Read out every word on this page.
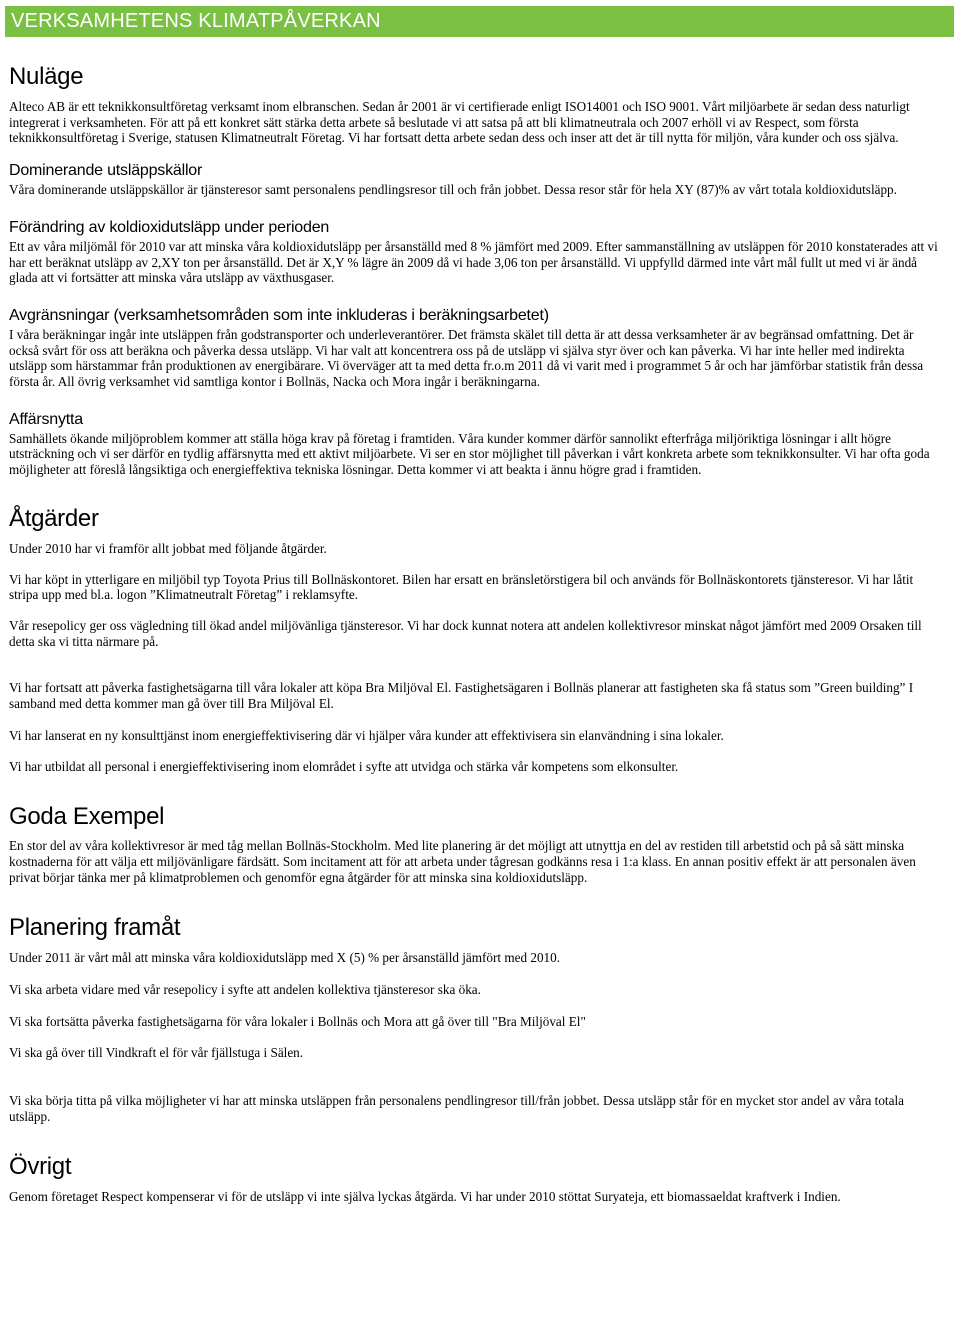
VERKSAMHETENS KLIMATPÅVERKAN
Nuläge

Alteco AB är ett teknikkonsultföretag verksamt inom elbranschen. Sedan år 2001 är vi certifierade enligt ISO14001 och ISO 9001. Vårt miljöarbete är sedan dess naturligt integrerat i verksamheten. För att på ett konkret sätt stärka detta arbete så beslutade vi att satsa på att bli klimatneutrala och 2007 erhöll vi av Respect, som första teknikkonsultföretag i Sverige, statusen Klimatneutralt Företag. Vi har fortsatt detta arbete sedan dess och inser att det är till nytta för miljön, våra kunder och oss själva.

Dominerande utsläppskällor

Våra dominerande utsläppskällor är tjänsteresor samt personalens pendlingsresor till och från jobbet. Dessa resor står för hela XY (87)% av vårt totala koldioxidutsläpp.

Förändring av koldioxidutsläpp under perioden

Ett av våra miljömål för 2010 var att minska våra koldioxidutsläpp per årsanställd med 8 % jämfört med 2009. Efter sammanställning av utsläppen för 2010 konstaterades att vi har ett beräknat utsläpp av 2,XY ton per årsanställd. Det är X,Y % lägre än 2009 då vi hade 3,06 ton per årsanställd. Vi uppfylld därmed inte vårt mål fullt ut med vi är ändå glada att vi fortsätter att minska våra utsläpp av växthusgaser.

Avgränsningar (verksamhetsområden som inte inkluderas i beräkningsarbetet)

I våra beräkningar ingår inte utsläppen från godstransporter och underleverantörer. Det främsta skälet till detta är att dessa verksamheter är av begränsad omfattning. Det är också svårt för oss att beräkna och påverka dessa utsläpp. Vi har valt att koncentrera oss på de utsläpp vi själva styr över och kan påverka. Vi har inte heller med indirekta utsläpp som härstammar från produktionen av energibärare. Vi överväger att ta med detta fr.o.m 2011 då vi varit med i programmet 5 år och har jämförbar statistik från dessa första år. All övrig verksamhet vid samtliga kontor i Bollnäs, Nacka och Mora ingår i beräkningarna.

Affärsnytta

Samhällets ökande miljöproblem kommer att ställa höga krav på företag i framtiden. Våra kunder kommer därför sannolikt efterfråga miljöriktiga lösningar i allt högre utsträckning och vi ser därför en tydlig affärsnytta med ett aktivt miljöarbete. Vi ser en stor möjlighet till påverkan i vårt konkreta arbete som teknikkonsulter. Vi har ofta goda möjligheter att föreslå långsiktiga och energieffektiva tekniska lösningar. Detta kommer vi att beakta i ännu högre grad i framtiden.

Åtgärder

Under 2010 har vi framför allt jobbat med följande åtgärder.

Vi har köpt in ytterligare en miljöbil typ Toyota Prius till Bollnäskontoret. Bilen har ersatt en bränsletörstigera bil och används för Bollnäskontorets tjänsteresor. Vi har låtit stripa upp med bl.a. logon ”Klimatneutralt Företag” i reklamsyfte.

Vår resepolicy ger oss vägledning till ökad andel miljövänliga tjänsteresor. Vi har dock kunnat notera att andelen kollektivresor minskat något jämfört med 2009 Orsaken till detta ska vi titta närmare på.

Vi har fortsatt att påverka fastighetsägarna till våra lokaler att köpa Bra Miljöval El. Fastighetsägaren i Bollnäs planerar att fastigheten ska få status som ”Green building” I samband med detta kommer man gå över till Bra Miljöval El.

Vi har lanserat en ny konsulttjänst inom energieffektivisering där vi hjälper våra kunder att effektivisera sin elanvändning i sina lokaler.

Vi har utbildat all personal i energieffektivisering inom elområdet i syfte att utvidga och stärka vår kompetens som elkonsulter.

Goda Exempel

En stor del av våra kollektivresor är med tåg mellan Bollnäs-Stockholm. Med lite planering är det möjligt att utnyttja en del av restiden till arbetstid och på så sätt minska kostnaderna för att välja ett miljövänligare färdsätt. Som incitament att för att arbeta under tågresan godkänns resa i 1:a klass. En annan positiv effekt är att personalen även privat börjar tänka mer på klimatproblemen och genomför egna åtgärder för att minska sina koldioxidutsläpp.

Planering framåt

Under 2011 är vårt mål att minska våra koldioxidutsläpp med X (5) % per årsanställd jämfört med 2010.

Vi ska arbeta vidare med vår resepolicy i syfte att andelen kollektiva tjänsteresor ska öka.

Vi ska fortsätta påverka fastighetsägarna för våra lokaler i Bollnäs och Mora att gå över till "Bra Miljöval El"

Vi ska gå över till Vindkraft el för vår fjällstuga i Sälen.

Vi ska börja titta på vilka möjligheter vi har att minska utsläppen från personalens pendlingresor till/från jobbet. Dessa utsläpp står för en mycket stor andel av våra totala utsläpp.

Övrigt

Genom företaget Respect kompenserar vi för de utsläpp vi inte själva lyckas åtgärda. Vi har under 2010 stöttat Suryateja, ett biomassaeldat kraftverk i Indien.
